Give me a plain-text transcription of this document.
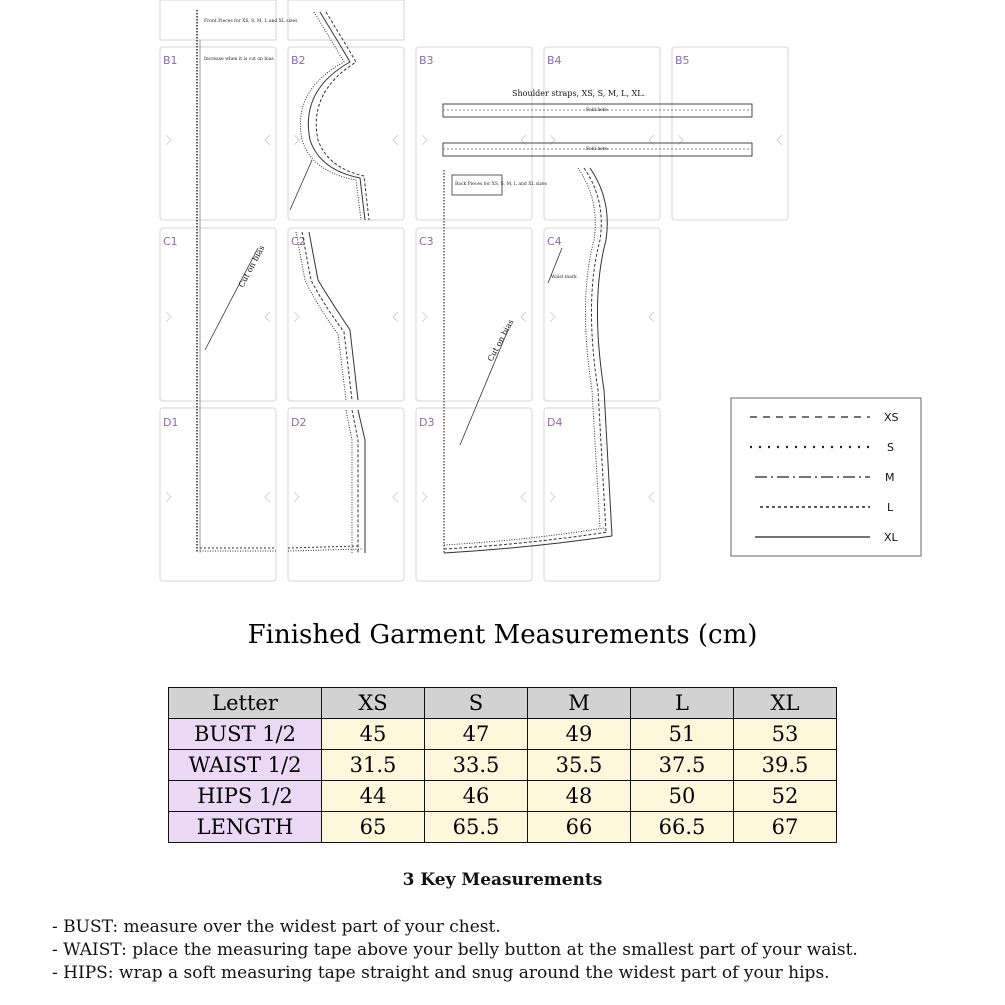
B1	B2	B3	B4	B5
C1	C2	C3	C4
D1	D2	D3	D4
Front Pieces for XS, S, M, L and XL sizes
Increase when it is cut on bias
Cut on bias
Cut on bias
Shoulder straps, XS, S, M, L, XL.
Fold here
Fold here
Back Pieces for XS, S, M, L and XL sizes
Waist mark
XS
S
M
L
XL
Finished Garment Measurements (cm)
Letter	XS	S	M	L	XL
BUST 1/2	45	47	49	51	53
WAIST 1/2	31.5	33.5	35.5	37.5	39.5
HIPS 1/2	44	46	48	50	52
LENGTH	65	65.5	66	66.5	67
3 Key Measurements
- BUST: measure over the widest part of your chest.
- WAIST: place the measuring tape above your belly button at the smallest part of your waist.
- HIPS: wrap a soft measuring tape straight and snug around the widest part of your hips.
